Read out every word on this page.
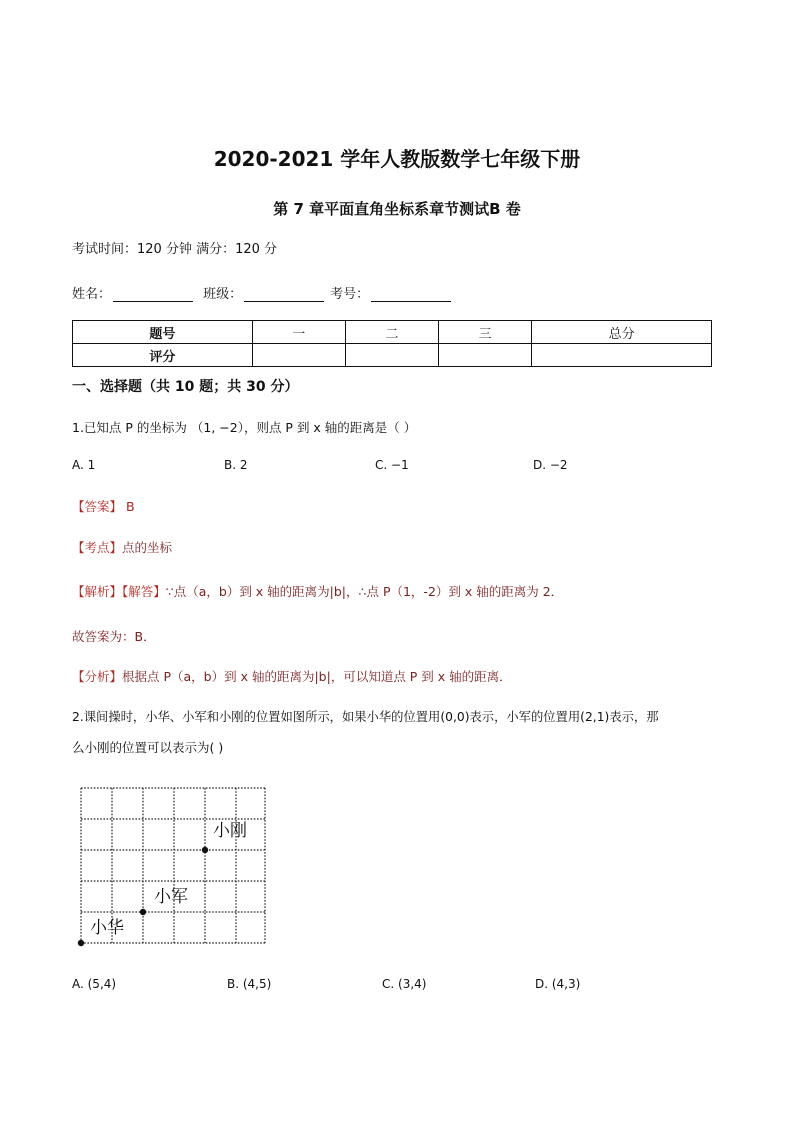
2020-2021 学年人教版数学七年级下册
第 7 章平面直角坐标系章节测试B 卷
考试时间：120 分钟 满分：120 分
姓名：	班级：	考号：
题号	一	二	三	总分
评分				
一、选择题（共 10 题；共 30 分）
1.已知点 P 的坐标为 （1, −2），则点 P 到 x 轴的距离是（ ）
A. 1	B. 2	C. −1	D. −2
【答案】 B
【考点】点的坐标
【解析】【解答】∵点（a，b）到 x 轴的距离为|b|，∴点 P（1，-2）到 x 轴的距离为 2．
故答案为：B．
【分析】根据点 P（a，b）到 x 轴的距离为|b|，可以知道点 P 到 x 轴的距离．
2.课间操时，小华、小军和小刚的位置如图所示，如果小华的位置用(0,0)表示，小军的位置用(2,1)表示，那
么小刚的位置可以表示为( )
小华
小军
小刚
A. (5,4)	B. (4,5)	C. (3,4)	D. (4,3)
